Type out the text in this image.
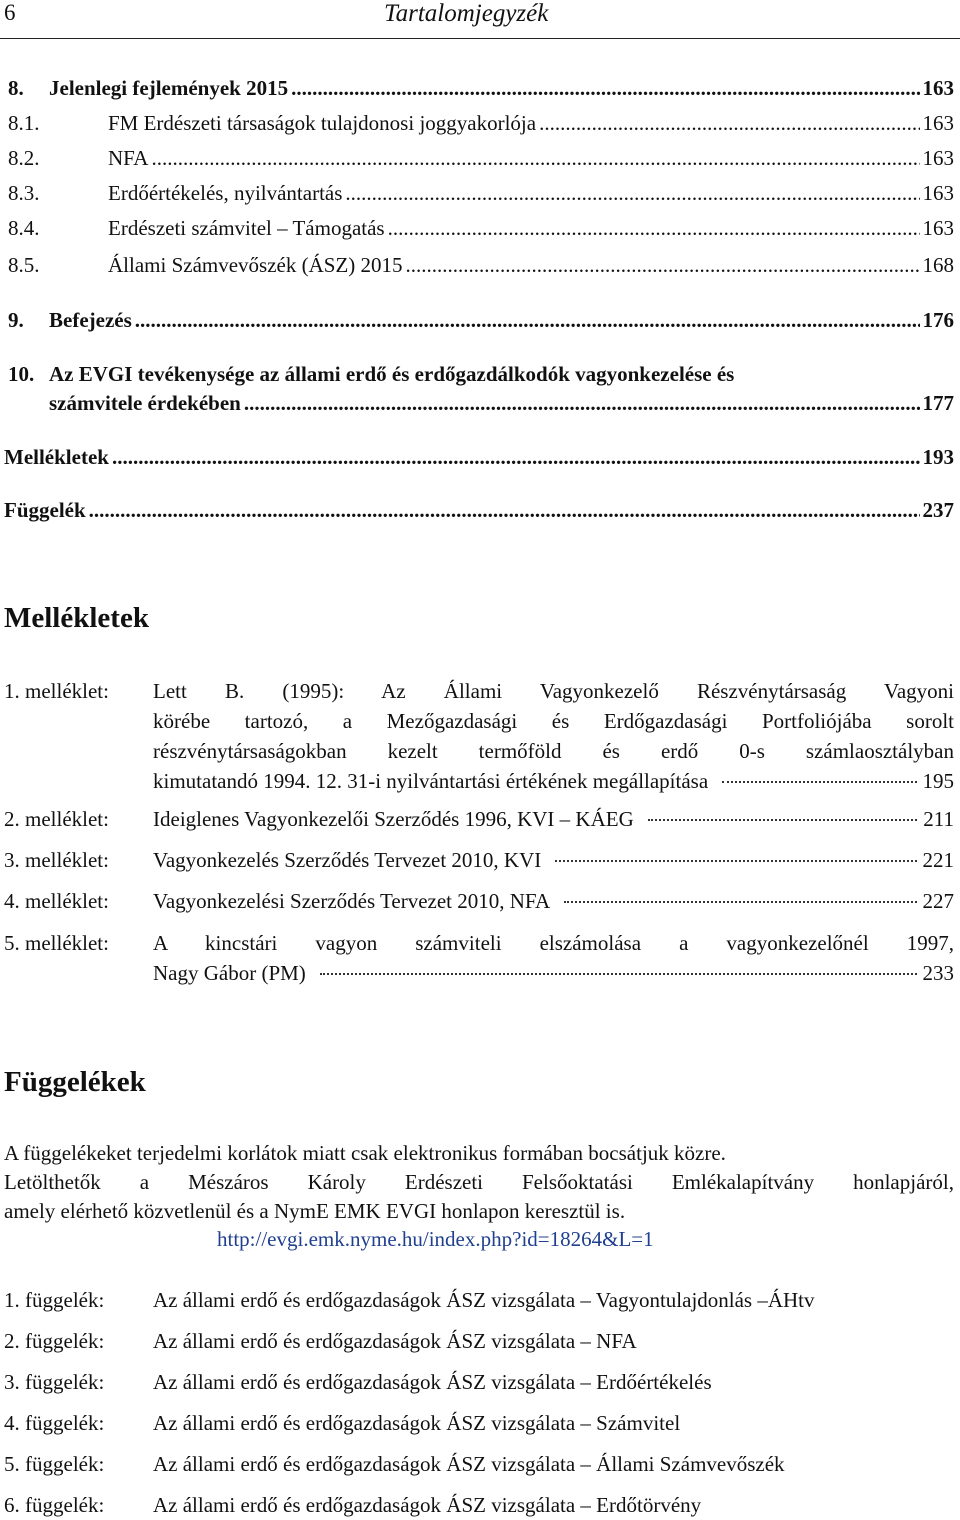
6	Tartalomjegyzék
8. Jelenlegi fejlemények 2015 .....	163
8.1.	FM Erdészeti társaságok tulajdonosi joggyakorlója .....	163
8.2.	NFA .....	163
8.3.	Erdőértékelés, nyilvántartás .....	163
8.4.	Erdészeti számvitel – Támogatás .....	163
8.5.	Állami Számvevőszék (ÁSZ) 2015 .....	168
9. Befejezés .....	176
10. Az EVGI tevékenysége az állami erdő és erdőgazdálkodók vagyonkezelése és
számvitele érdekében .....	177
Mellékletek .....	193
Függelék .....	237
Mellékletek
1. melléklet: Lett B. (1995): Az Állami Vagyonkezelő Részvénytársaság Vagyoni
körébe tartozó, a Mezőgazdasági és Erdőgazdasági Portfoliójába sorolt
részvénytársaságokban kezelt termőföld és erdő 0-s számlaosztályban
kimutatandó 1994. 12. 31-i nyilvántartási értékének megállapítása	195
2. melléklet: Ideiglenes Vagyonkezelői Szerződés 1996, KVI – KÁEG	211
3. melléklet: Vagyonkezelés Szerződés Tervezet 2010, KVI	221
4. melléklet: Vagyonkezelési Szerződés Tervezet 2010, NFA	227
5. melléklet: A kincstári vagyon számviteli elszámolása a vagyonkezelőnél 1997,
Nagy Gábor (PM)	233
Függelékek
A függelékeket terjedelmi korlátok miatt csak elektronikus formában bocsátjuk közre.
Letölthetők a Mészáros Károly Erdészeti Felsőoktatási Emlékalapítvány honlapjáról,
amely elérhető közvetlenül és a NymE EMK EVGI honlapon keresztül is.
http://evgi.emk.nyme.hu/index.php?id=18264&L=1
1. függelék: Az állami erdő és erdőgazdaságok ÁSZ vizsgálata – Vagyontulajdonlás –ÁHtv
2. függelék: Az állami erdő és erdőgazdaságok ÁSZ vizsgálata – NFA
3. függelék: Az állami erdő és erdőgazdaságok ÁSZ vizsgálata – Erdőértékelés
4. függelék: Az állami erdő és erdőgazdaságok ÁSZ vizsgálata – Számvitel
5. függelék: Az állami erdő és erdőgazdaságok ÁSZ vizsgálata – Állami Számvevőszék
6. függelék: Az állami erdő és erdőgazdaságok ÁSZ vizsgálata – Erdőtörvény
